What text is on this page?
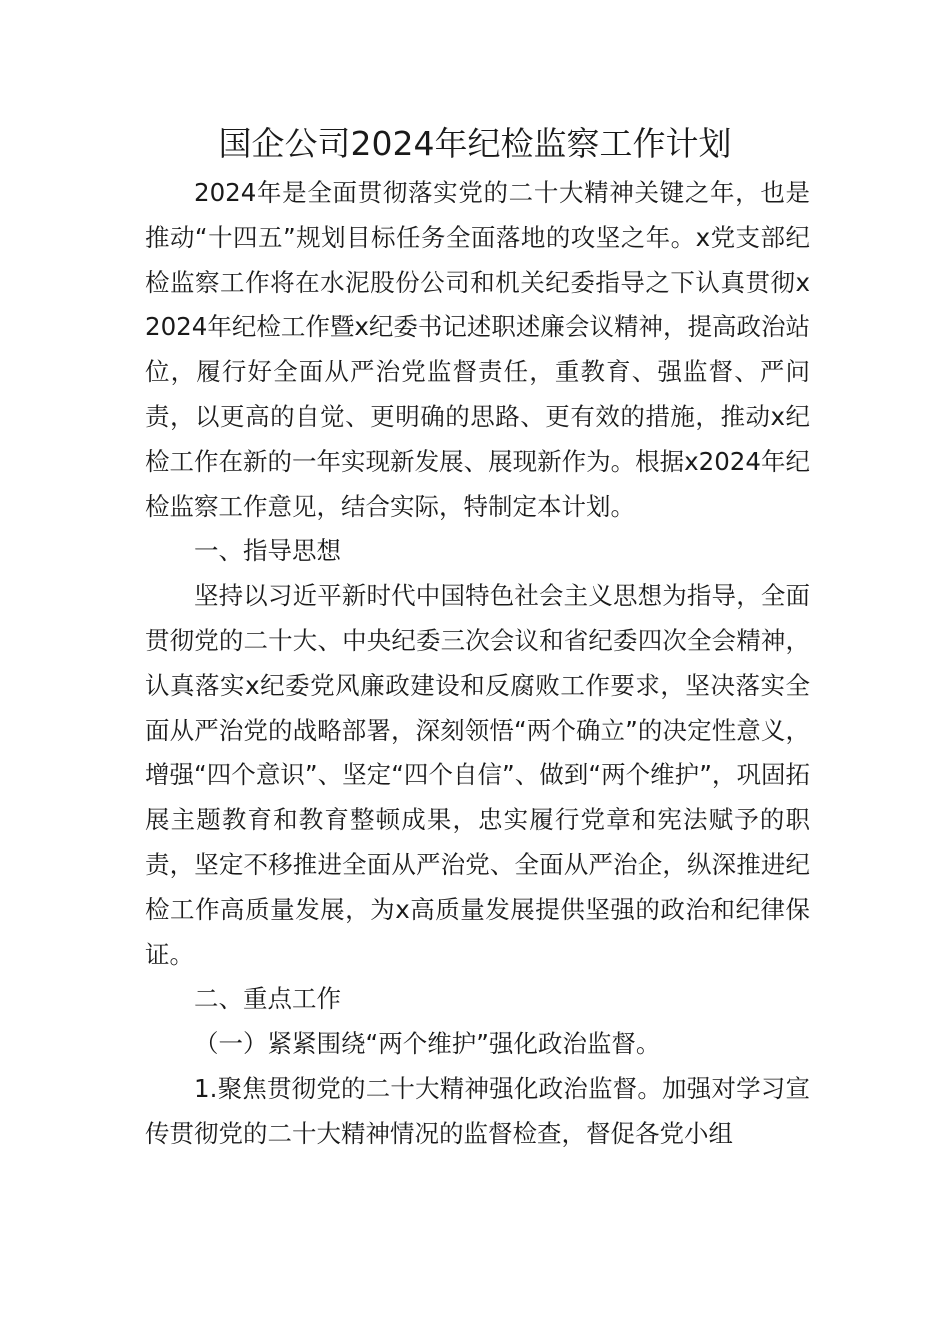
国企公司2024年纪检监察工作计划

2024年是全面贯彻落实党的二十大精神关键之年，也是推动“十四五”规划目标任务全面落地的攻坚之年。x党支部纪检监察工作将在水泥股份公司和机关纪委指导之下认真贯彻x2024年纪检工作暨x纪委书记述职述廉会议精神，提高政治站位，履行好全面从严治党监督责任，重教育、强监督、严问责，以更高的自觉、更明确的思路、更有效的措施，推动x纪检工作在新的一年实现新发展、展现新作为。根据x2024年纪检监察工作意见，结合实际，特制定本计划。

一、指导思想

坚持以习近平新时代中国特色社会主义思想为指导，全面贯彻党的二十大、中央纪委三次会议和省纪委四次全会精神，认真落实x纪委党风廉政建设和反腐败工作要求，坚决落实全面从严治党的战略部署，深刻领悟“两个确立”的决定性意义，增强“四个意识”、坚定“四个自信”、做到“两个维护”，巩固拓展主题教育和教育整顿成果，忠实履行党章和宪法赋予的职责，坚定不移推进全面从严治党、全面从严治企，纵深推进纪检工作高质量发展，为x高质量发展提供坚强的政治和纪律保证。

二、重点工作

（一）紧紧围绕“两个维护”强化政治监督。

1.聚焦贯彻党的二十大精神强化政治监督。加强对学习宣传贯彻党的二十大精神情况的监督检查，督促各党小组
